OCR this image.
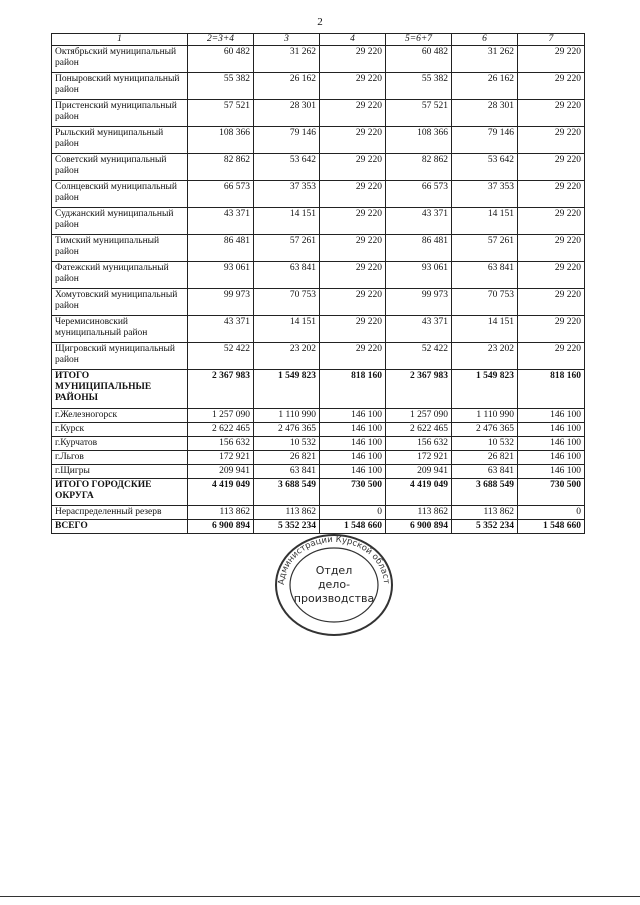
2
1	2=3+4	3	4	5=6+7	6	7
Октябрьский муниципальный район	60 482	31 262	29 220	60 482	31 262	29 220
Поныровский муниципальный район	55 382	26 162	29 220	55 382	26 162	29 220
Пристенский муниципальный район	57 521	28 301	29 220	57 521	28 301	29 220
Рыльский муниципальный район	108 366	79 146	29 220	108 366	79 146	29 220
Советский муниципальный район	82 862	53 642	29 220	82 862	53 642	29 220
Солнцевский муниципальный район	66 573	37 353	29 220	66 573	37 353	29 220
Суджанский муниципальный район	43 371	14 151	29 220	43 371	14 151	29 220
Тимский муниципальный район	86 481	57 261	29 220	86 481	57 261	29 220
Фатежский муниципальный район	93 061	63 841	29 220	93 061	63 841	29 220
Хомутовский муниципальный район	99 973	70 753	29 220	99 973	70 753	29 220
Черемисиновский муниципальный район	43 371	14 151	29 220	43 371	14 151	29 220
Щигровский муниципальный район	52 422	23 202	29 220	52 422	23 202	29 220
ИТОГО МУНИЦИПАЛЬНЫЕ РАЙОНЫ	2 367 983	1 549 823	818 160	2 367 983	1 549 823	818 160
г.Железногорск	1 257 090	1 110 990	146 100	1 257 090	1 110 990	146 100
г.Курск	2 622 465	2 476 365	146 100	2 622 465	2 476 365	146 100
г.Курчатов	156 632	10 532	146 100	156 632	10 532	146 100
г.Льгов	172 921	26 821	146 100	172 921	26 821	146 100
г.Щигры	209 941	63 841	146 100	209 941	63 841	146 100
ИТОГО ГОРОДСКИЕ ОКРУГА	4 419 049	3 688 549	730 500	4 419 049	3 688 549	730 500
Нераспределенный резерв	113 862	113 862	0	113 862	113 862	0
ВСЕГО	6 900 894	5 352 234	1 548 660	6 900 894	5 352 234	1 548 660
Администрации Курской област
Отдел
дело-
производства
